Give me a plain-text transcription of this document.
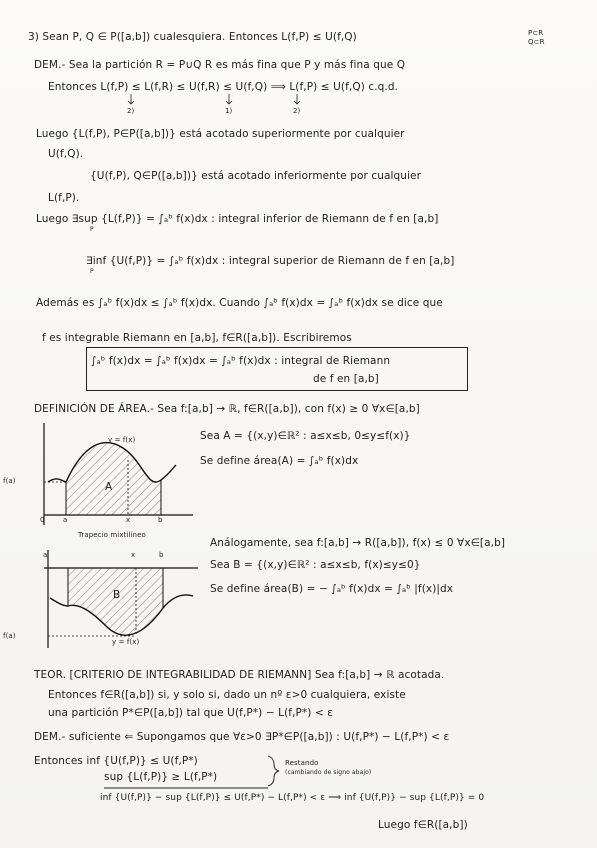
3) Sean P, Q ∈ P([a,b]) cualesquiera. Entonces L(f,P) ≤ U(f,Q)	P⊂R
Q⊂R
DEM.- Sea la partición R = P∪Q R es más fina que P y más fina que Q
Entonces L(f,P) ≤ L(f,R) ≤ U(f,R) ≤ U(f,Q) ⟹ L(f,P) ≤ U(f,Q) c.q.d.
2)	1)	2)
Luego {L(f,P), P∈P([a,b])} está acotado superiormente por cualquier
U(f,Q).
{U(f,P), Q∈P([a,b])} está acotado inferiormente por cualquier
L(f,P).
Luego ∃sup {L(f,P)} = ∫ₐᵇ f(x)dx : integral inferior de Riemann de f en [a,b]
P
∃inf {U(f,P)} = ∫ₐᵇ f(x)dx : integral superior de Riemann de f en [a,b]
P
Además es ∫ₐᵇ f(x)dx ≤ ∫ₐᵇ f(x)dx. Cuando ∫ₐᵇ f(x)dx = ∫ₐᵇ f(x)dx se dice que
f es integrable Riemann en [a,b], f∈R([a,b]). Escribiremos
∫ₐᵇ f(x)dx = ∫ₐᵇ f(x)dx = ∫ₐᵇ f(x)dx : integral de Riemann
de f en [a,b]
DEFINICIÓN DE ÁREA.- Sea f:[a,b] → ℝ, f∈R([a,b]), con f(x) ≥ 0 ∀x∈[a,b]
y = f(x)
A
f(a)
0	a	x	b
Trapecio mixtilíneo
Sea A = {(x,y)∈ℝ² : a≤x≤b, 0≤y≤f(x)}
Se define área(A) = ∫ₐᵇ f(x)dx
a	x	b
B
f(a)
y = f(x)
Análogamente, sea f:[a,b] → R([a,b]), f(x) ≤ 0 ∀x∈[a,b]
Sea B = {(x,y)∈ℝ² : a≤x≤b, f(x)≤y≤0}
Se define área(B) = − ∫ₐᵇ f(x)dx = ∫ₐᵇ |f(x)|dx
TEOR. [CRITERIO DE INTEGRABILIDAD DE RIEMANN] Sea f:[a,b] → ℝ acotada.
Entonces f∈R([a,b]) si, y solo si, dado un nº ε>0 cualquiera, existe
una partición P*∈P([a,b]) tal que U(f,P*) − L(f,P*) < ε
DEM.- suficiente ⇐ Supongamos que ∀ε>0 ∃P*∈P([a,b]) : U(f,P*) − L(f,P*) < ε
Entonces inf {U(f,P)} ≤ U(f,P*)
sup {L(f,P)} ≥ L(f,P*)
Restando
(cambiando de signo abajo)
inf {U(f,P)} − sup {L(f,P)} ≤ U(f,P*) − L(f,P*) < ε ⟹ inf {U(f,P)} − sup {L(f,P)} = 0
Luego f∈R([a,b])
